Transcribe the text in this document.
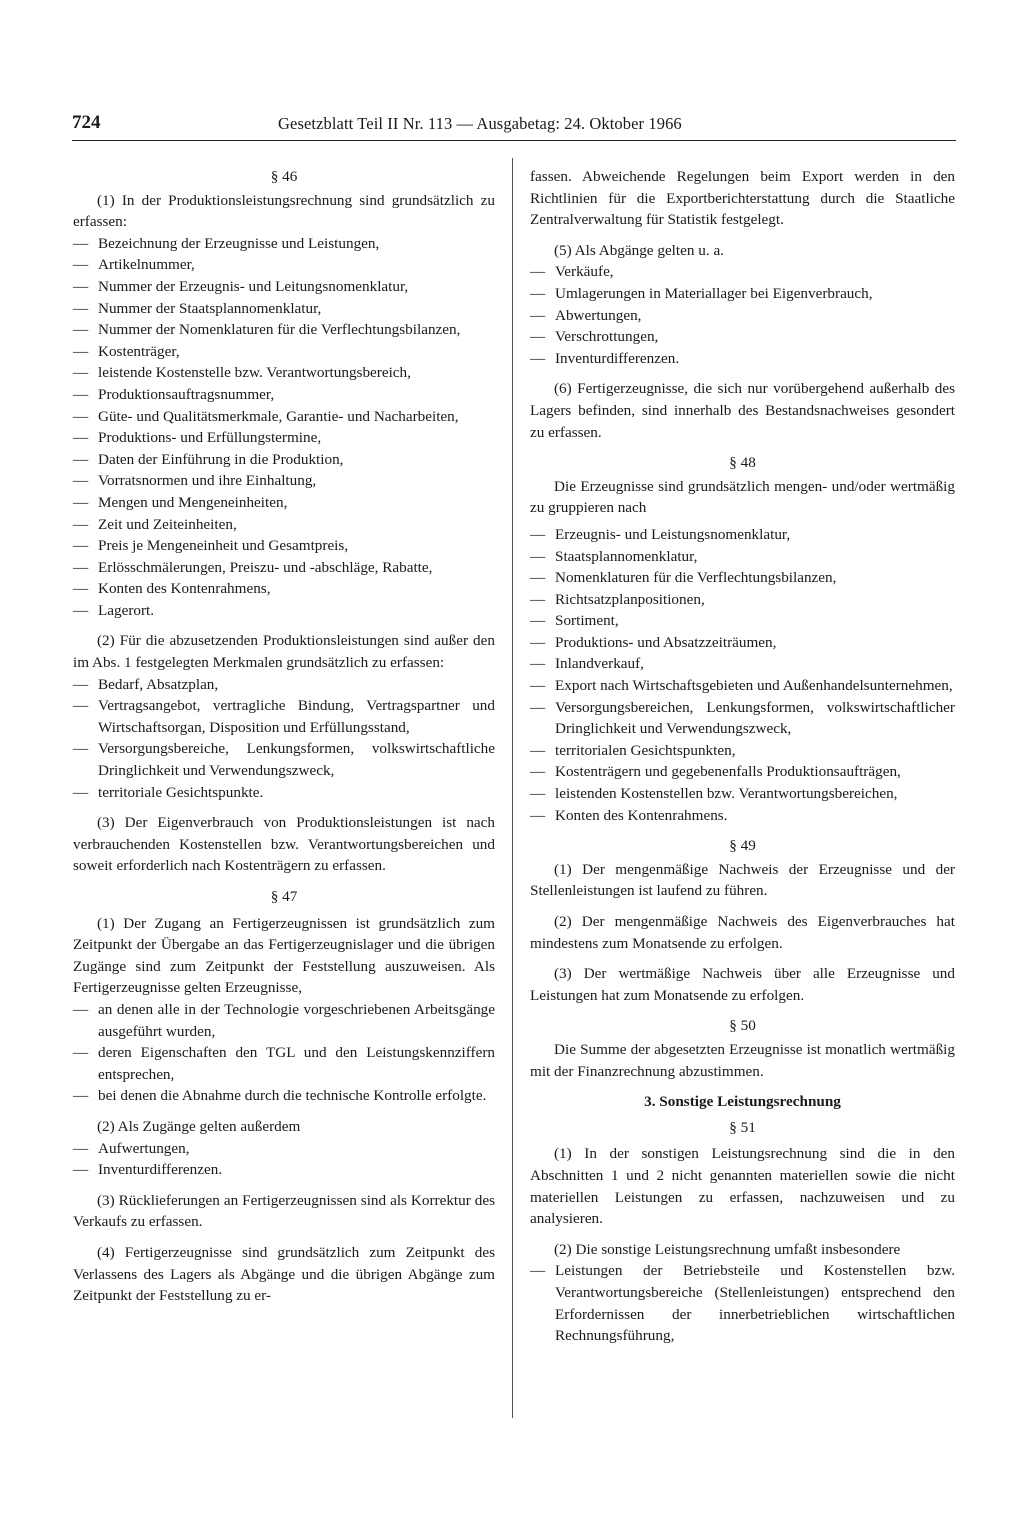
724	Gesetzblatt Teil II Nr. 113 — Ausgabetag: 24. Oktober 1966

§ 46

(1) In der Produktionsleistungsrechnung sind grundsätzlich zu erfassen:

— Bezeichnung der Erzeugnisse und Leistungen,
— Artikelnummer,
— Nummer der Erzeugnis- und Leitungsnomenklatur,
— Nummer der Staatsplannomenklatur,
— Nummer der Nomenklaturen für die Verflechtungsbilanzen,
— Kostenträger,
— leistende Kostenstelle bzw. Verantwortungsbereich,
— Produktionsauftragsnummer,
— Güte- und Qualitätsmerkmale, Garantie- und Nacharbeiten,
— Produktions- und Erfüllungstermine,
— Daten der Einführung in die Produktion,
— Vorratsnormen und ihre Einhaltung,
— Mengen und Mengeneinheiten,
— Zeit und Zeiteinheiten,
— Preis je Mengeneinheit und Gesamtpreis,
— Erlösschmälerungen, Preiszu- und -abschläge, Rabatte,
— Konten des Kontenrahmens,
— Lagerort.

(2) Für die abzusetzenden Produktionsleistungen sind außer den im Abs. 1 festgelegten Merkmalen grundsätzlich zu erfassen:

— Bedarf, Absatzplan,
— Vertragsangebot, vertragliche Bindung, Vertragspartner und Wirtschaftsorgan, Disposition und Erfüllungsstand,
— Versorgungsbereiche, Lenkungsformen, volkswirtschaftliche Dringlichkeit und Verwendungszweck,
— territoriale Gesichtspunkte.

(3) Der Eigenverbrauch von Produktionsleistungen ist nach verbrauchenden Kostenstellen bzw. Verantwortungsbereichen und soweit erforderlich nach Kostenträgern zu erfassen.

§ 47

(1) Der Zugang an Fertigerzeugnissen ist grundsätzlich zum Zeitpunkt der Übergabe an das Fertigerzeugnislager und die übrigen Zugänge sind zum Zeitpunkt der Feststellung auszuweisen. Als Fertigerzeugnisse gelten Erzeugnisse,

— an denen alle in der Technologie vorgeschriebenen Arbeitsgänge ausgeführt wurden,
— deren Eigenschaften den TGL und den Leistungskennziffern entsprechen,
— bei denen die Abnahme durch die technische Kontrolle erfolgte.

(2) Als Zugänge gelten außerdem

— Aufwertungen,
— Inventurdifferenzen.

(3) Rücklieferungen an Fertigerzeugnissen sind als Korrektur des Verkaufs zu erfassen.

(4) Fertigerzeugnisse sind grundsätzlich zum Zeitpunkt des Verlassens des Lagers als Abgänge und die übrigen Abgänge zum Zeitpunkt der Feststellung zu er-

fassen. Abweichende Regelungen beim Export werden in den Richtlinien für die Exportberichterstattung durch die Staatliche Zentralverwaltung für Statistik festgelegt.

(5) Als Abgänge gelten u. a.

— Verkäufe,
— Umlagerungen in Materiallager bei Eigenverbrauch,
— Abwertungen,
— Verschrottungen,
— Inventurdifferenzen.

(6) Fertigerzeugnisse, die sich nur vorübergehend außerhalb des Lagers befinden, sind innerhalb des Bestandsnachweises gesondert zu erfassen.

§ 48

Die Erzeugnisse sind grundsätzlich mengen- und/oder wertmäßig zu gruppieren nach

— Erzeugnis- und Leistungsnomenklatur,
— Staatsplannomenklatur,
— Nomenklaturen für die Verflechtungsbilanzen,
— Richtsatzplanpositionen,
— Sortiment,
— Produktions- und Absatzzeiträumen,
— Inlandverkauf,
— Export nach Wirtschaftsgebieten und Außenhandelsunternehmen,
— Versorgungsbereichen, Lenkungsformen, volkswirtschaftlicher Dringlichkeit und Verwendungszweck,
— territorialen Gesichtspunkten,
— Kostenträgern und gegebenenfalls Produktionsaufträgen,
— leistenden Kostenstellen bzw. Verantwortungsbereichen,
— Konten des Kontenrahmens.

§ 49

(1) Der mengenmäßige Nachweis der Erzeugnisse und der Stellenleistungen ist laufend zu führen.

(2) Der mengenmäßige Nachweis des Eigenverbrauches hat mindestens zum Monatsende zu erfolgen.

(3) Der wertmäßige Nachweis über alle Erzeugnisse und Leistungen hat zum Monatsende zu erfolgen.

§ 50

Die Summe der abgesetzten Erzeugnisse ist monatlich wertmäßig mit der Finanzrechnung abzustimmen.

3. Sonstige Leistungsrechnung

§ 51

(1) In der sonstigen Leistungsrechnung sind die in den Abschnitten 1 und 2 nicht genannten materiellen sowie die nicht materiellen Leistungen zu erfassen, nachzuweisen und zu analysieren.

(2) Die sonstige Leistungsrechnung umfaßt insbesondere

— Leistungen der Betriebsteile und Kostenstellen bzw. Verantwortungsbereiche (Stellenleistungen) entsprechend den Erfordernissen der innerbetrieblichen wirtschaftlichen Rechnungsführung,
